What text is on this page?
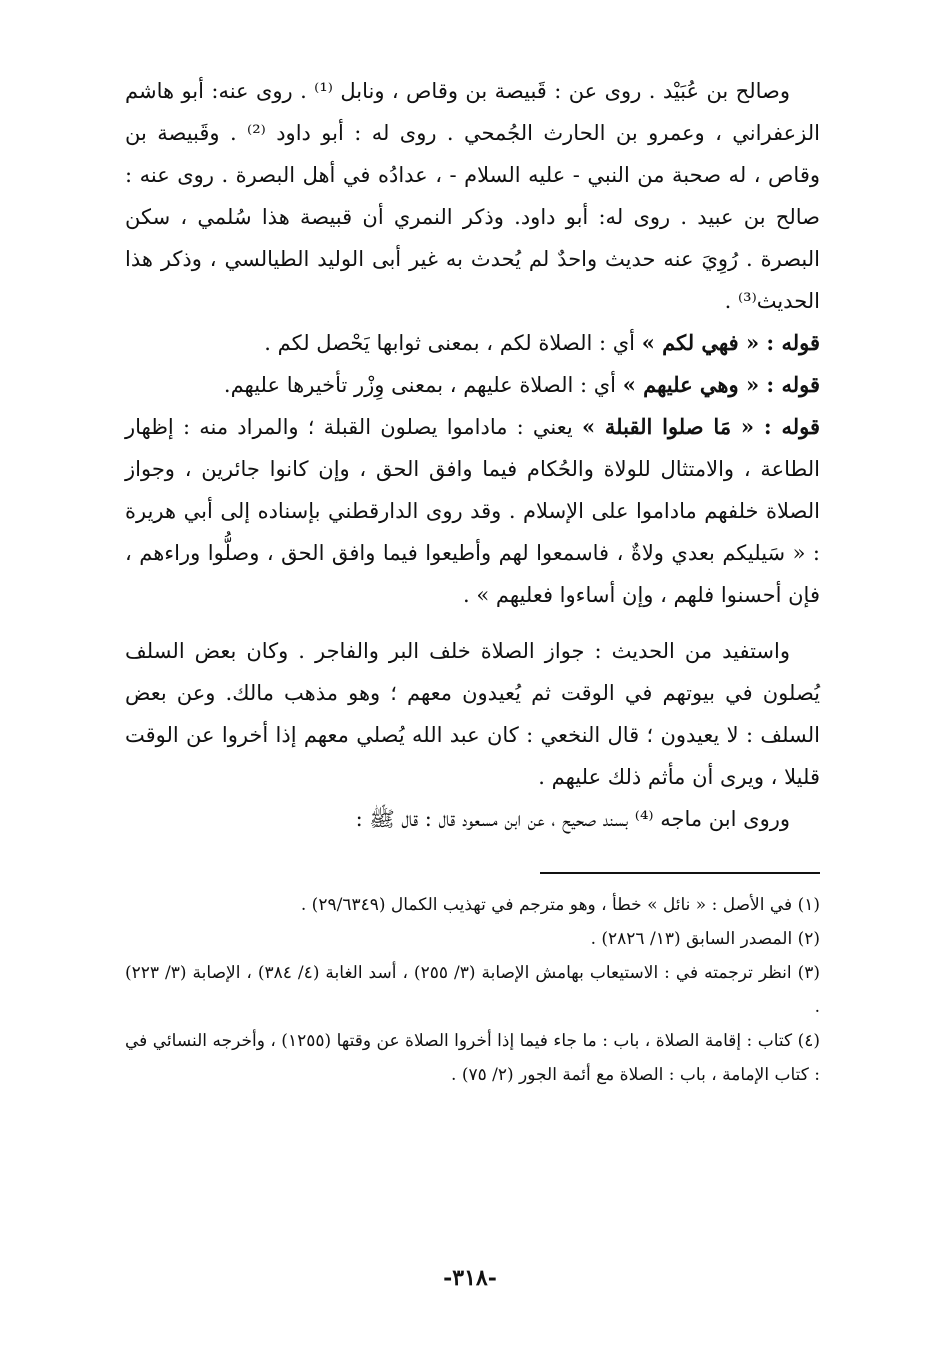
وصالح بن عُبَيْد . روى عن : قَبيصة بن وقاص ، ونابل ⁽¹⁾ . روى عنه: أبو هاشم الزعفراني ، وعمرو بن الحارث الجُمحي . روى له : أبو داود ⁽²⁾ . وقَبيصة بن وقاص ، له صحبة من النبي - عليه السلام - ، عدادُه في أهل البصرة . روى عنه : صالح بن عبيد . روى له: أبو داود. وذكر النمري أن قبيصة هذا سُلمي ، سكن البصرة . رُوِيَ عنه حديث واحدٌ لم يُحدث به غير أبى الوليد الطيالسي ، وذكر هذا الحديث⁽³⁾ .

قوله : « فهي لكم » أي : الصلاة لكم ، بمعنى ثوابها يَحْصل لكم .

قوله : « وهي عليهم » أي : الصلاة عليهم ، بمعنى وِزْر تأخيرها عليهم.

قوله : « مَا صلوا القبلة » يعني : ماداموا يصلون القبلة ؛ والمراد منه : إظهار الطاعة ، والامتثال للولاة والحُكام فيما وافق الحق ، وإن كانوا جائرين ، وجواز الصلاة خلفهم ماداموا على الإسلام . وقد روى الدارقطني بإسناده إلى أبي هريرة : « سَيليكم بعدي ولاةٌ ، فاسمعوا لهم وأطيعوا فيما وافق الحق ، وصلُّوا وراءهم ، فإن أحسنوا فلهم ، وإن أساءوا فعليهم » .

واستفيد من الحديث : جواز الصلاة خلف البر والفاجر . وكان بعض السلف يُصلون في بيوتهم في الوقت ثم يُعيدون معهم ؛ وهو مذهب مالك. وعن بعض السلف : لا يعيدون ؛ قال النخعي : كان عبد الله يُصلي معهم إذا أخروا عن الوقت قليلا ، ويرى أن مأثم ذلك عليهم .

وروى ابن ماجه ⁽⁴⁾ بسند صحيح ، عن ابن مسعود قال : قال ﷺ :

(١) في الأصل : « نائل » خطأ ، وهو مترجم في تهذيب الكمال (٢٩/٦٣٤٩) .

(٢) المصدر السابق (١٣/ ٢٨٢٦) .

(٣) انظر ترجمته في : الاستيعاب بهامش الإصابة (٣/ ٢٥٥) ، أسد الغابة (٤/ ٣٨٤) ، الإصابة (٣/ ٢٢٣) .

(٤) كتاب : إقامة الصلاة ، باب : ما جاء فيما إذا أخروا الصلاة عن وقتها (١٢٥٥) ، وأخرجه النسائي في : كتاب الإمامة ، باب : الصلاة مع أئمة الجور (٢/ ٧٥) .

-٣١٨-
